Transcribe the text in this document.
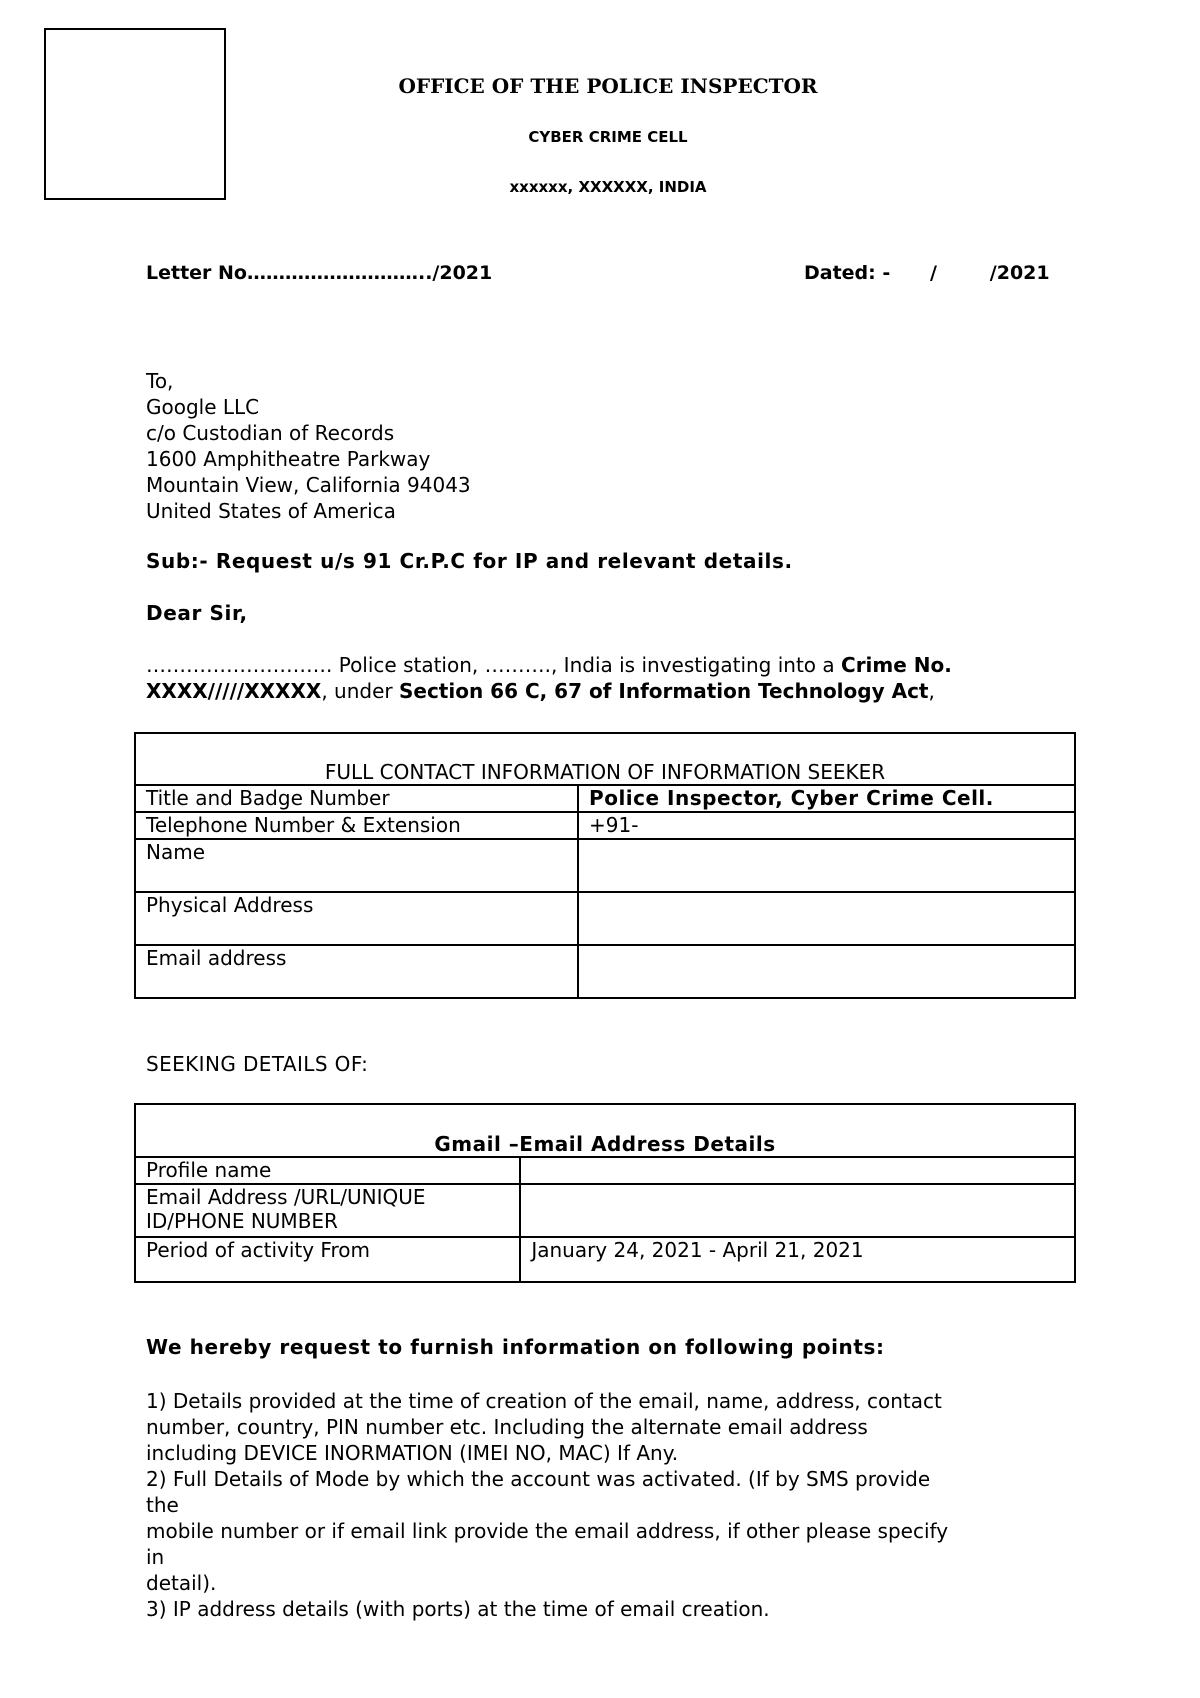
OFFICE OF THE POLICE INSPECTOR
CYBER CRIME CELL
xxxxxx, XXXXXX, INDIA
Letter No………………………../2021	Dated: -      /        /2021
To,
Google LLC
c/o Custodian of Records
1600 Amphitheatre Parkway
Mountain View, California 94043
United States of America
Sub:- Request u/s 91 Cr.P.C for IP and relevant details.
Dear Sir,
………………………. Police station, ………., India is investigating into a Crime No.
XXXX/////XXXXX, under Section 66 C, 67 of Information Technology Act,
FULL CONTACT INFORMATION OF INFORMATION SEEKER	
Title and Badge Number	Police Inspector, Cyber Crime Cell.
Telephone Number & Extension	+91-
Name	
Physical Address	
Email address	
SEEKING DETAILS OF:
Gmail –Email Address Details	
Profile name	

Email Address /URL/UNIQUE
ID/PHONE NUMBER	

Period of activity From	January 24, 2021 - April 21, 2021
We hereby request to furnish information on following points:
1) Details provided at the time of creation of the email, name, address, contact
number, country, PIN number etc. Including the alternate email address
including DEVICE INORMATION (IMEI NO, MAC) If Any.
2) Full Details of Mode by which the account was activated. (If by SMS provide
the
mobile number or if email link provide the email address, if other please specify
in
detail).
3) IP address details (with ports) at the time of email creation.
